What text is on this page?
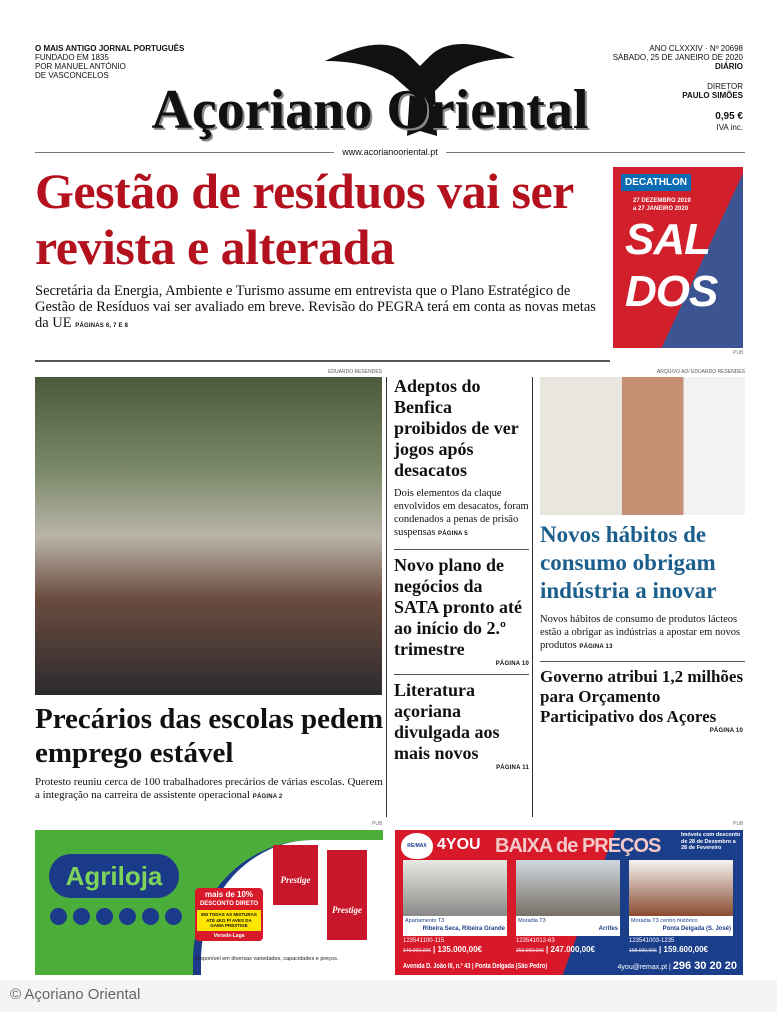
O MAIS ANTIGO JORNAL PORTUGUÊS
FUNDADO EM 1835
POR MANUEL ANTÓNIO
DE VASCONCELOS
Açoriano Oriental
ANO CLXXXIV · Nº 20698
SÁBADO, 25 DE JANEIRO DE 2020
DIÁRIO
DIRETOR
PAULO SIMÕES
0,95 €
IVA inc.
www.acorianooriental.pt
Gestão de resíduos vai ser revista e alterada
Secretária da Energia, Ambiente e Turismo assume em entrevista que o Plano Estratégico de Gestão de Resíduos vai ser avaliado em breve. Revisão do PEGRA terá em conta as novas metas da UE PÁGINAS 6, 7 E 8
DECATHLON
27 DEZEMBRO 2019
a 27 JANEIRO 2020
SAL
DOS
PUB
EDUARDO RESENDES
Precários das escolas pedem emprego estável
Protesto reuniu cerca de 100 trabalhadores precários de várias escolas. Querem a integração na carreira de assistente operacional PÁGINA 2
Adeptos do Benfica proibidos de ver jogos após desacatos
Dois elementos da claque envolvidos em desacatos, foram condenados a penas de prisão suspensas PÁGINA 5
Novo plano de negócios da SATA pronto até ao início do 2.º trimestre
PÁGINA 10
Literatura açoriana divulgada aos mais novos
PÁGINA 11
ARQUIVO AO/ EDUARDO RESENDES
Novos hábitos de consumo obrigam indústria a inovar
Novos hábitos de consumo de produtos lácteos estão a obrigar as indústrias a apostar em novos produtos PÁGINA 13
Governo atribui 1,2 milhões para Orçamento Participativo dos Açores
PÁGINA 10
PUB
Agriloja
mais de 10%
DESCONTO DIRETO
EM TODAS AS MISTURAS ATÉ 4KG P/ AVES DA GAMA PRESTIGE
Versele-Laga
Prestige
Prestige
Disponível em diversas variedades, capacidades e preços.
PUB
RE/MAX 4YOU BAIXA de PREÇOS	Imóveis com desconto de 28 de Dezembro a 28 de Fevereiro
Apartamento T3
Ribeira Seca, Ribeira Grande
Moradia T3
Arrifes
Moradia T3 centro histórico
Ponta Delgada (S. José)
123541100-115
149.000,00€ | 135.000,00€
123541012-63
260.000,00€ | 247.000,00€
123541003-1235
168.000,00€ | 159.600,00€
Avenida D. João III, n.º 43 | Ponta Delgada (São Pedro)	4you@remax.pt | 296 30 20 20
© Açoriano Oriental
